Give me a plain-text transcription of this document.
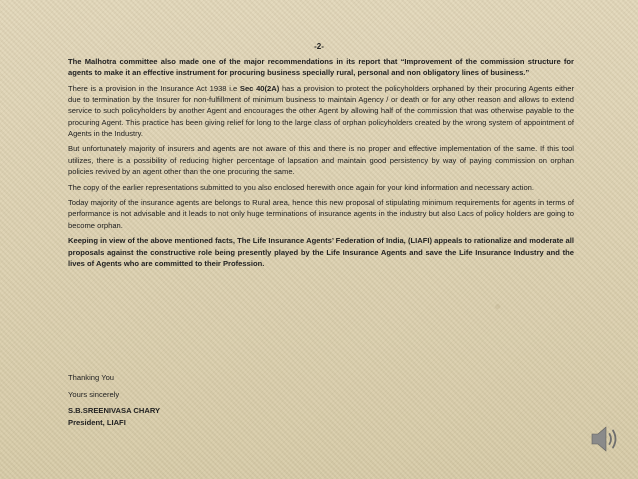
-2-

The Malhotra committee also made one of the major recommendations in its report that “Improvement of the commission structure for agents to make it an effective instrument for procuring business specially rural, personal and non obligatory lines of business.”

There is a provision in the Insurance Act 1938 i.e Sec 40(2A) has a provision to protect the policyholders orphaned by their procuring Agents either due to termination by the Insurer for non-fulfillment of minimum business to maintain Agency / or death or for any other reason and allows to extend service to such policyholders by another Agent and encourages the other Agent by allowing half of the commission that was otherwise payable to the procuring Agent. This practice has been giving relief for long to the large class of orphan policyholders created by the wrong system of appointment of Agents in the Industry.

But unfortunately majority of insurers and agents are not aware of this and there is no proper and effective implementation of the same. If this tool utilizes, there is a possibility of reducing higher percentage of lapsation and maintain good persistency by way of paying commission on orphan policies revived by an agent other than the one procuring the same.

The copy of the earlier representations submitted to you also enclosed herewith once again for your kind information and necessary action.

Today majority of the insurance agents are belongs to Rural area, hence this new proposal of stipulating minimum requirements for agents in terms of performance is not advisable and it leads to not only huge terminations of insurance agents in the industry but also Lacs of policy holders are going to become orphan.

Keeping in view of the above mentioned facts, The Life Insurance Agents’ Federation of India, (LIAFI) appeals to rationalize and moderate all proposals against the constructive role being presently played by the Life Insurance Agents and save the Life Insurance Industry and the lives of Agents who are committed to their Profession.

Thanking You
Yours sincerely
S.B.SREENIVASA CHARY
President, LIAFI
